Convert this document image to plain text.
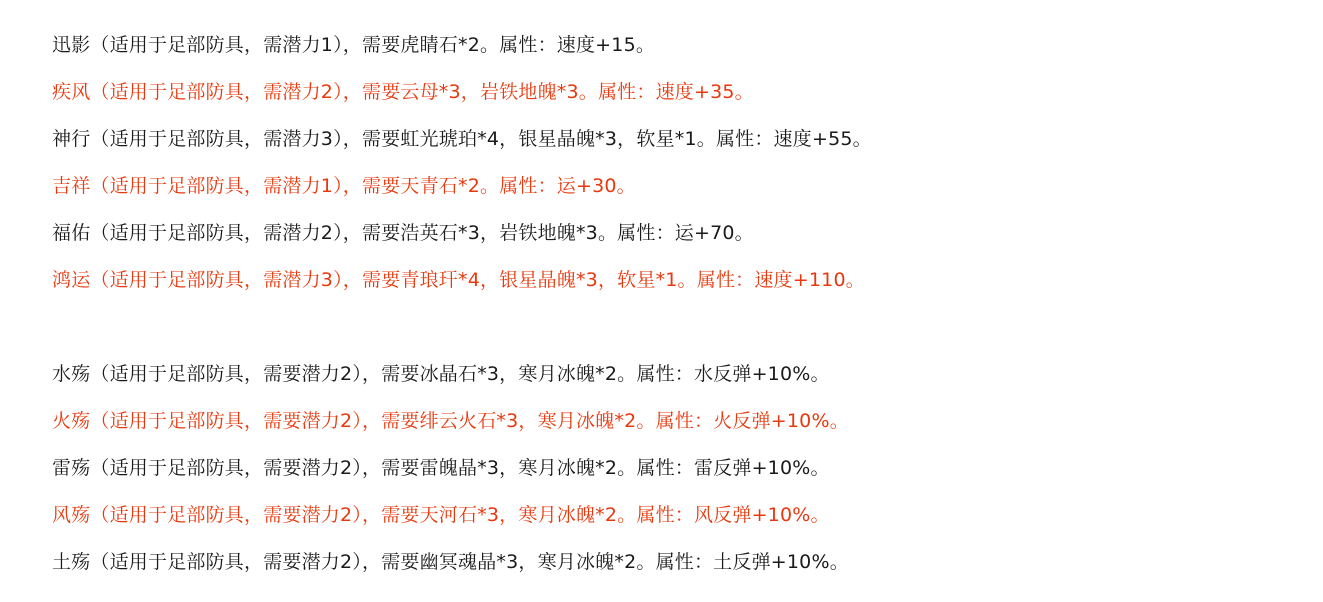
迅影（适用于足部防具，需潜力1），需要虎睛石*2。属性：速度+15。
疾风（适用于足部防具，需潜力2），需要云母*3，岩铁地魄*3。属性：速度+35。
神行（适用于足部防具，需潜力3），需要虹光琥珀*4，银星晶魄*3，软星*1。属性：速度+55。
吉祥（适用于足部防具，需潜力1），需要天青石*2。属性：运+30。
福佑（适用于足部防具，需潜力2），需要浩英石*3，岩铁地魄*3。属性：运+70。
鸿运（适用于足部防具，需潜力3），需要青琅玕*4，银星晶魄*3，软星*1。属性：速度+110。
水殇（适用于足部防具，需要潜力2），需要冰晶石*3，寒月冰魄*2。属性：水反弹+10%。
火殇（适用于足部防具，需要潜力2），需要绯云火石*3，寒月冰魄*2。属性：火反弹+10%。
雷殇（适用于足部防具，需要潜力2），需要雷魄晶*3，寒月冰魄*2。属性：雷反弹+10%。
风殇（适用于足部防具，需要潜力2），需要天河石*3，寒月冰魄*2。属性：风反弹+10%。
土殇（适用于足部防具，需要潜力2），需要幽冥魂晶*3，寒月冰魄*2。属性：土反弹+10%。
